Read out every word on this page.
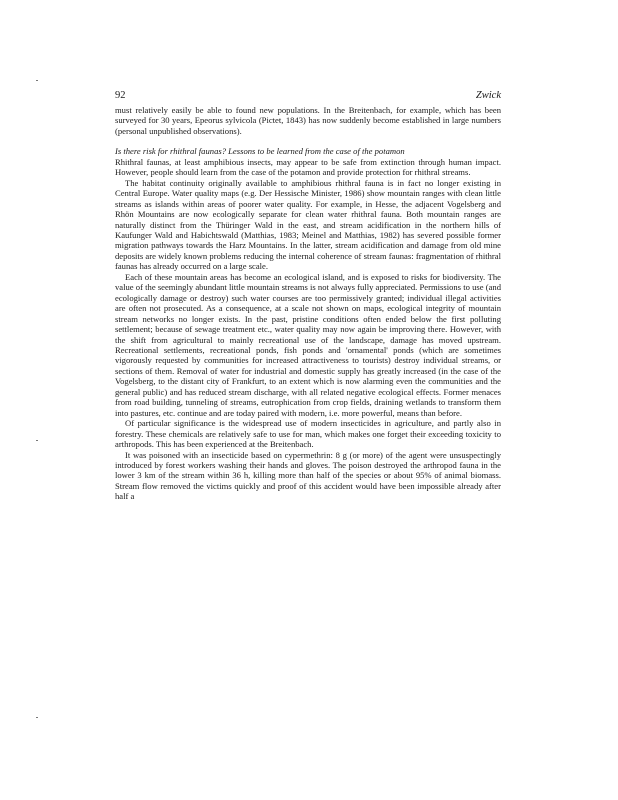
92	Zwick

must relatively easily be able to found new populations. In the Breitenbach, for example, which has been surveyed for 30 years, Epeorus sylvicola (Pictet, 1843) has now suddenly become established in large numbers (personal unpublished observations).

Is there risk for rhithral faunas? Lessons to be learned from the case of the potamon

Rhithral faunas, at least amphibious insects, may appear to be safe from extinction through human impact. However, people should learn from the case of the potamon and provide protection for rhithral streams.

The habitat continuity originally available to amphibious rhithral fauna is in fact no longer existing in Central Europe. Water quality maps (e.g. Der Hessische Minister, 1986) show mountain ranges with clean little streams as islands within areas of poorer water quality. For example, in Hesse, the adjacent Vogelsberg and Rhön Mountains are now ecologically separate for clean water rhithral fauna. Both mountain ranges are naturally distinct from the Thüringer Wald in the east, and stream acidification in the northern hills of Kaufunger Wald and Habichtswald (Matthias, 1983; Meinel and Matthias, 1982) has severed possible former migration pathways towards the Harz Mountains. In the latter, stream acidification and damage from old mine deposits are widely known problems reducing the internal coherence of stream faunas: fragmentation of rhithral faunas has already occurred on a large scale.

Each of these mountain areas has become an ecological island, and is exposed to risks for biodiversity. The value of the seemingly abundant little mountain streams is not always fully appreciated. Permissions to use (and ecologically damage or destroy) such water courses are too permissively granted; individual illegal activities are often not prosecuted. As a consequence, at a scale not shown on maps, ecological integrity of mountain stream networks no longer exists. In the past, pristine conditions often ended below the first polluting settlement; because of sewage treatment etc., water quality may now again be improving there. However, with the shift from agricultural to mainly recreational use of the landscape, damage has moved upstream. Recreational settlements, recreational ponds, fish ponds and 'ornamental' ponds (which are sometimes vigorously requested by communities for increased attractiveness to tourists) destroy individual streams, or sections of them. Removal of water for industrial and domestic supply has greatly increased (in the case of the Vogelsberg, to the distant city of Frankfurt, to an extent which is now alarming even the communities and the general public) and has reduced stream discharge, with all related negative ecological effects. Former menaces from road building, tunneling of streams, eutrophication from crop fields, draining wetlands to transform them into pastures, etc. continue and are today paired with modern, i.e. more powerful, means than before.

Of particular significance is the widespread use of modern insecticides in agriculture, and partly also in forestry. These chemicals are relatively safe to use for man, which makes one forget their exceeding toxicity to arthropods. This has been experienced at the Breitenbach.

It was poisoned with an insecticide based on cypermethrin: 8 g (or more) of the agent were unsuspectingly introduced by forest workers washing their hands and gloves. The poison destroyed the arthropod fauna in the lower 3 km of the stream within 36 h, killing more than half of the species or about 95% of animal biomass. Stream flow removed the victims quickly and proof of this accident would have been impossible already after half a
